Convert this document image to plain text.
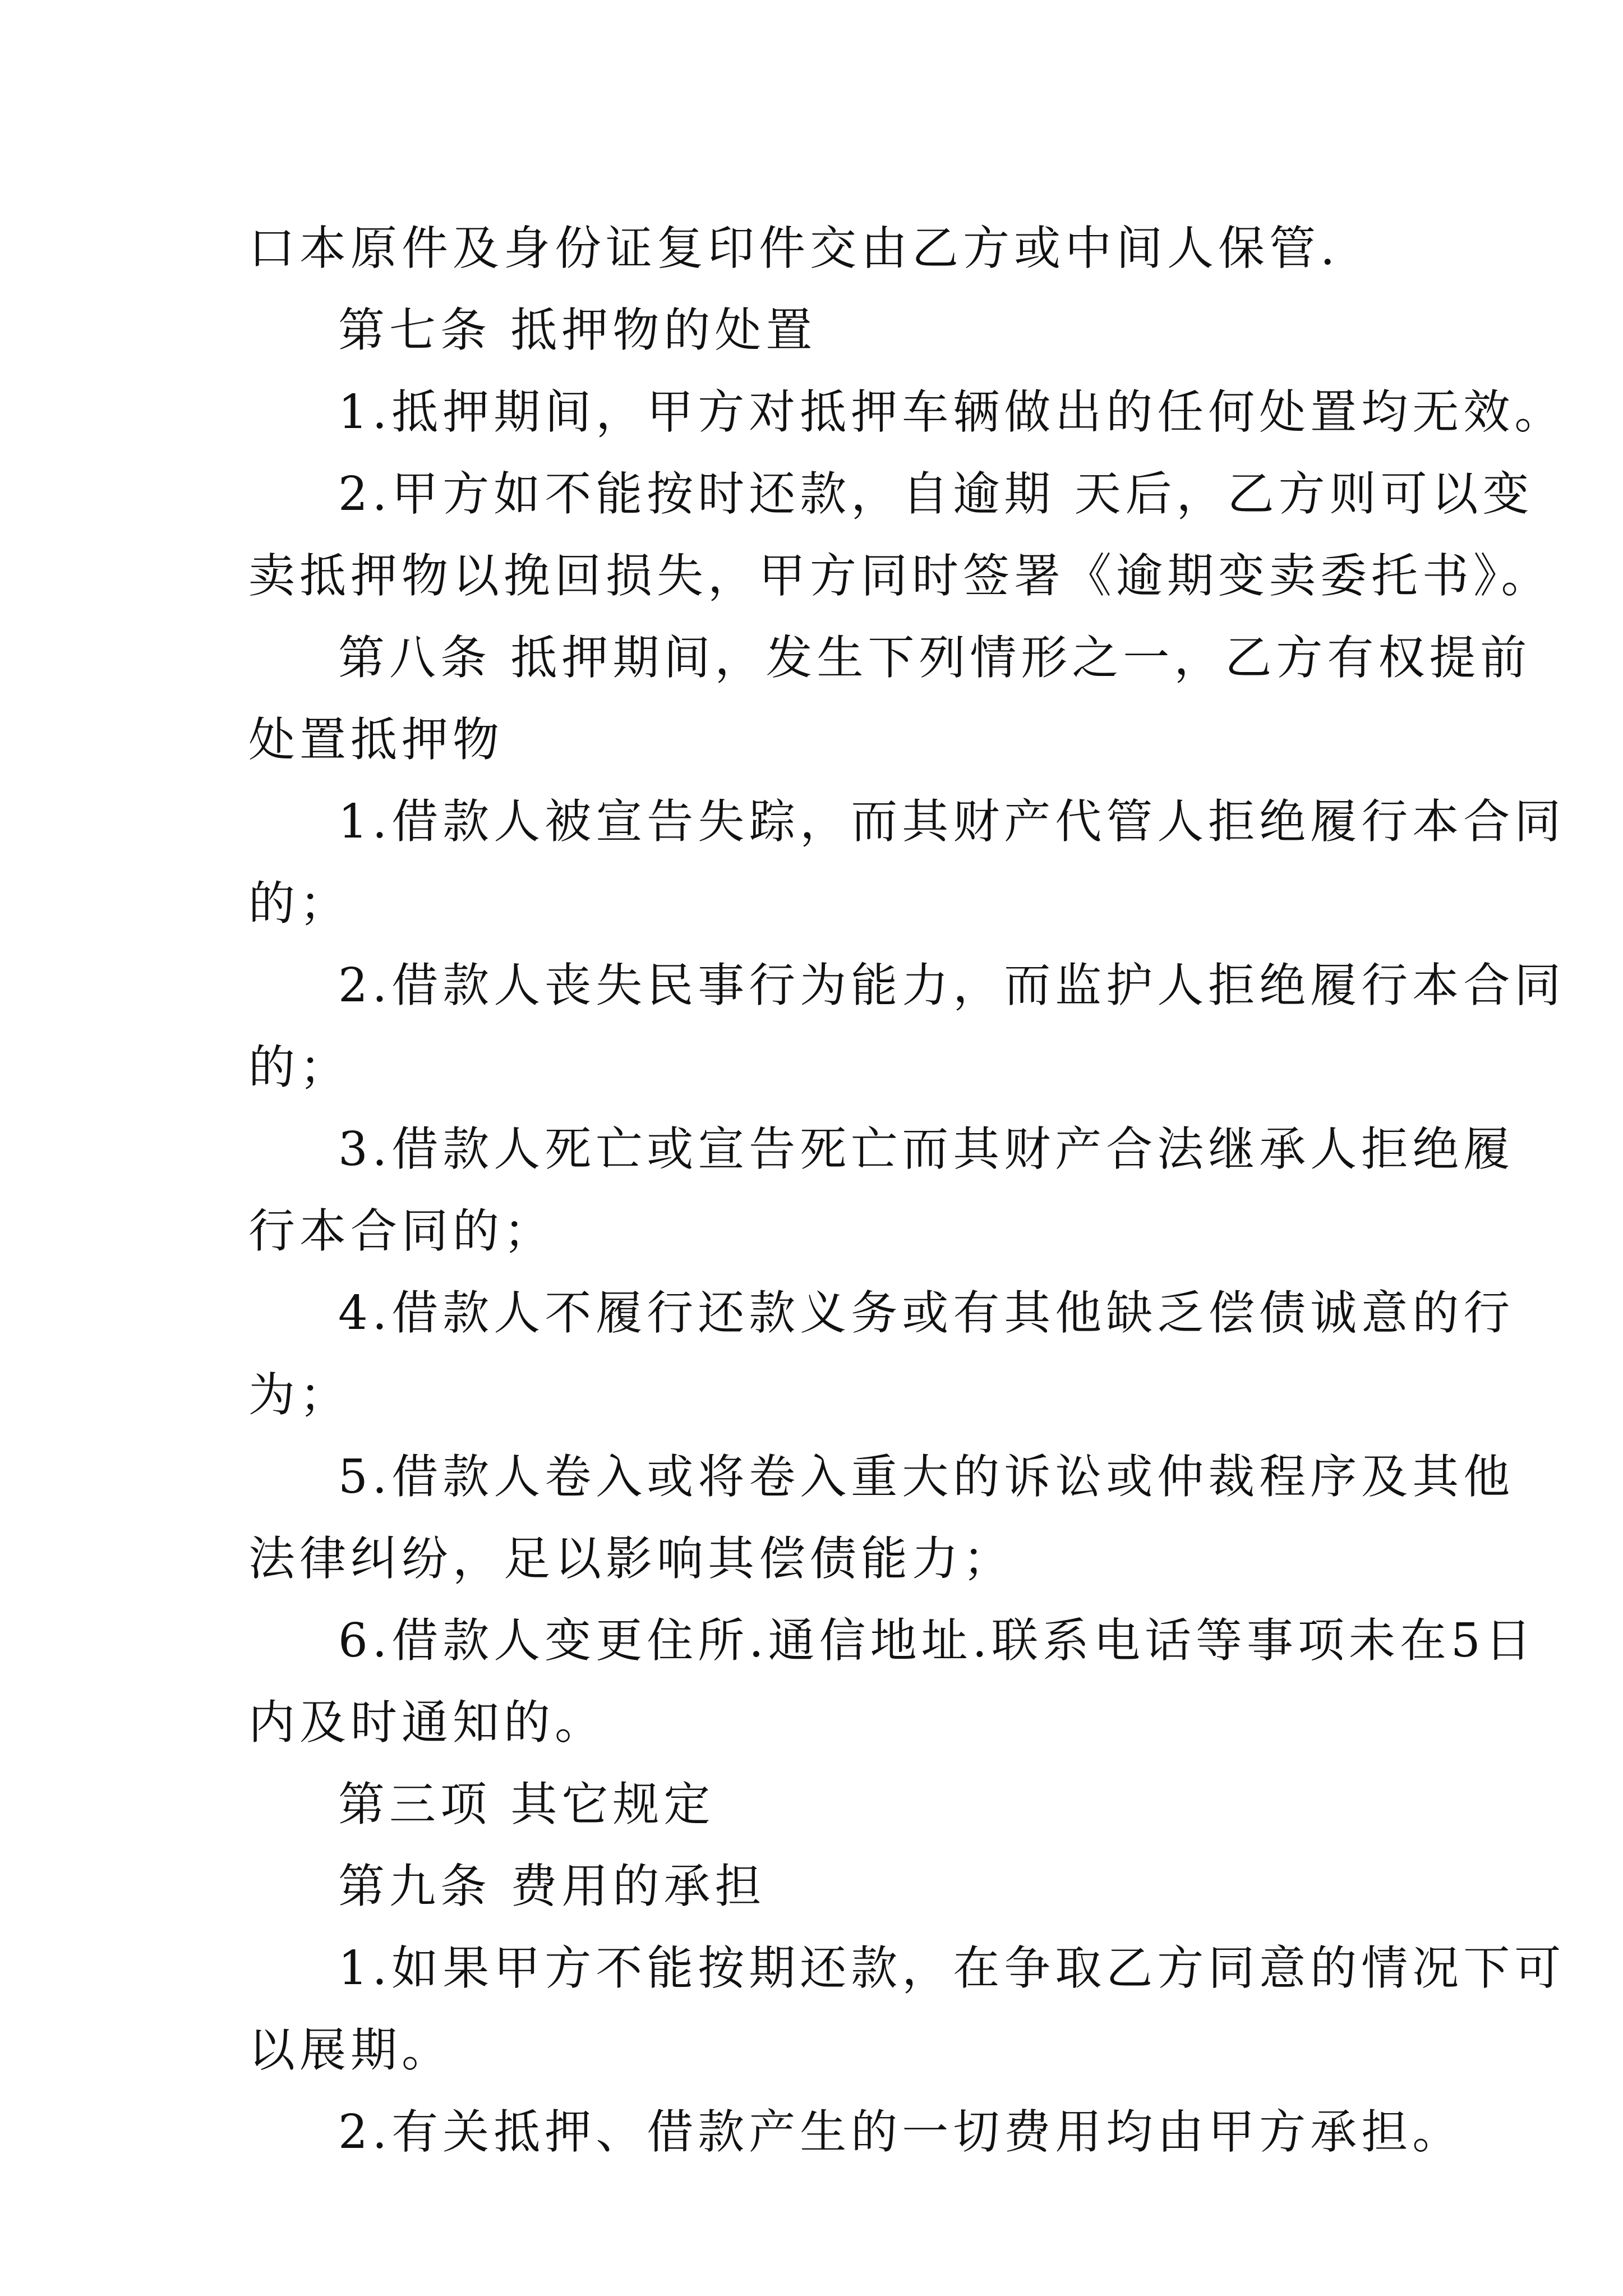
口本原件及身份证复印件交由乙方或中间人保管.
第七条 抵押物的处置
1.抵押期间，甲方对抵押车辆做出的任何处置均无效。
2.甲方如不能按时还款，自逾期 天后，乙方则可以变
卖抵押物以挽回损失，甲方同时签署《逾期变卖委托书》。
第八条 抵押期间，发生下列情形之一，乙方有权提前
处置抵押物
1.借款人被宣告失踪，而其财产代管人拒绝履行本合同
的；
2.借款人丧失民事行为能力，而监护人拒绝履行本合同
的；
3.借款人死亡或宣告死亡而其财产合法继承人拒绝履
行本合同的；
4.借款人不履行还款义务或有其他缺乏偿债诚意的行
为；
5.借款人卷入或将卷入重大的诉讼或仲裁程序及其他
法律纠纷，足以影响其偿债能力；
6.借款人变更住所.通信地址.联系电话等事项未在5日
内及时通知的。
第三项 其它规定
第九条 费用的承担
1.如果甲方不能按期还款，在争取乙方同意的情况下可
以展期。
2.有关抵押、借款产生的一切费用均由甲方承担。
